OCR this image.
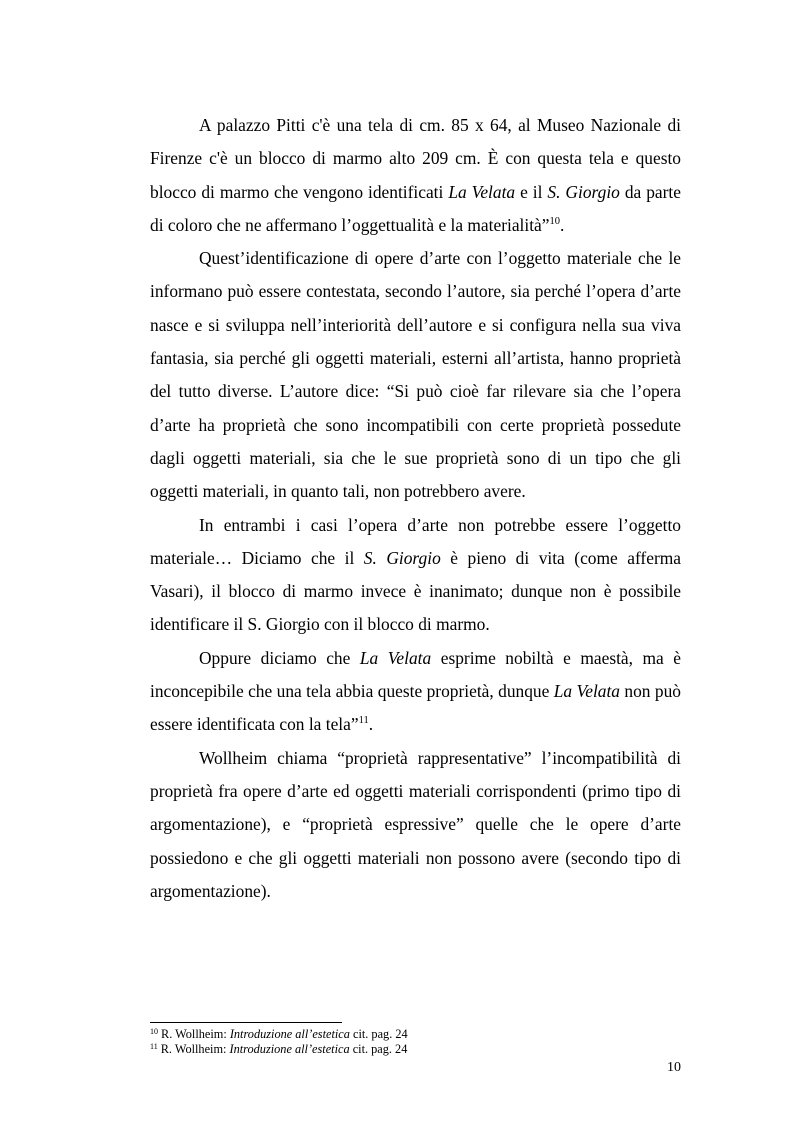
A palazzo Pitti c'è una tela di cm. 85 x 64, al Museo Nazionale di Firenze c'è un blocco di marmo alto 209 cm. È con questa tela e questo blocco di marmo che vengono identificati La Velata e il S. Giorgio da parte di coloro che ne affermano l’oggettualità e la materialità”$^{10}$.

Quest’identificazione di opere d’arte con l’oggetto materiale che le informano può essere contestata, secondo l’autore, sia perché l’opera d’arte nasce e si sviluppa nell’interiorità dell’autore e si configura nella sua viva fantasia, sia perché gli oggetti materiali, esterni all’artista, hanno proprietà del tutto diverse. L’autore dice: “Si può cioè far rilevare sia che l’opera d’arte ha proprietà che sono incompatibili con certe proprietà possedute dagli oggetti materiali, sia che le sue proprietà sono di un tipo che gli oggetti materiali, in quanto tali, non potrebbero avere.

In entrambi i casi l’opera d’arte non potrebbe essere l’oggetto materiale… Diciamo che il S. Giorgio è pieno di vita (come afferma Vasari), il blocco di marmo invece è inanimato; dunque non è possibile identificare il S. Giorgio con il blocco di marmo.

Oppure diciamo che La Velata esprime nobiltà e maestà, ma è inconcepibile che una tela abbia queste proprietà, dunque La Velata non può essere identificata con la tela”$^{11}$.

Wollheim chiama “proprietà rappresentative” l’incompatibilità di proprietà fra opere d’arte ed oggetti materiali corrispondenti (primo tipo di argomentazione), e “proprietà espressive” quelle che le opere d’arte possiedono e che gli oggetti materiali non possono avere (secondo tipo di argomentazione).

$^{10}$ R. Wollheim: Introduzione all’estetica cit. pag. 24

$^{11}$ R. Wollheim: Introduzione all’estetica cit. pag. 24

10
